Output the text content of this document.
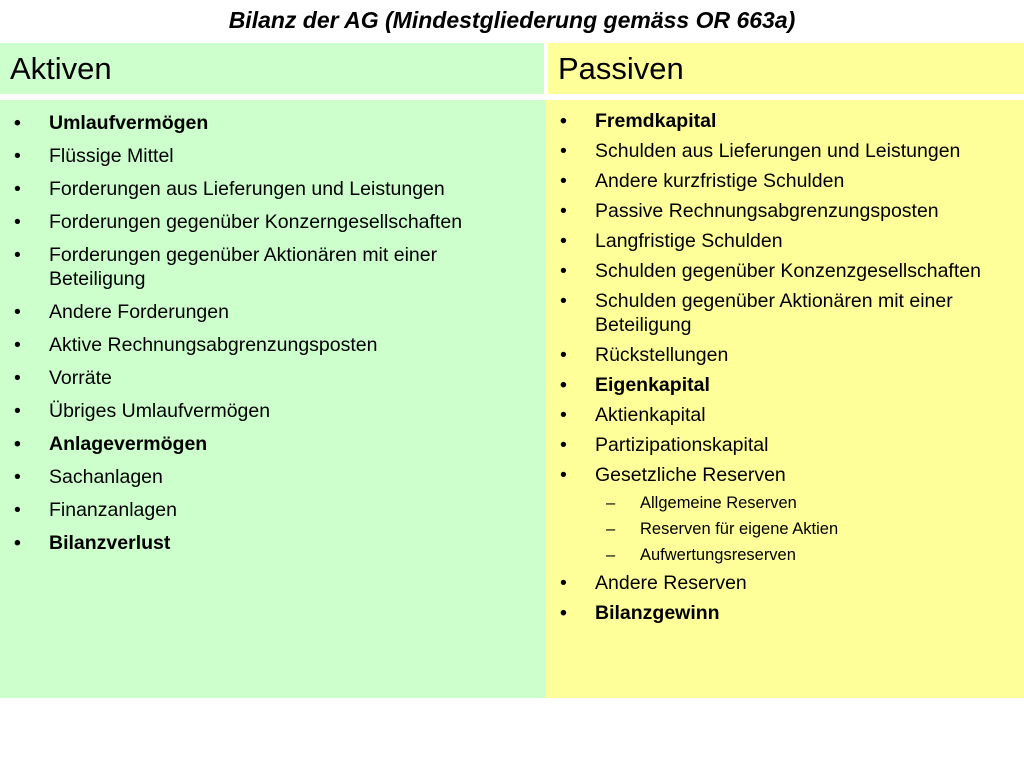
Bilanz der AG (Mindestgliederung gemäss OR 663a)
Aktiven	Passiven
• Umlaufvermögen
• Flüssige Mittel
• Forderungen aus Lieferungen und Leistungen
• Forderungen gegenüber Konzerngesellschaften
• Forderungen gegenüber Aktionären mit einer Beteiligung
• Andere Forderungen
• Aktive Rechnungsabgrenzungsposten
• Vorräte
• Übriges Umlaufvermögen
• Anlagevermögen
• Sachanlagen
• Finanzanlagen
• Bilanzverlust
• Fremdkapital
• Schulden aus Lieferungen und Leistungen
• Andere kurzfristige Schulden
• Passive Rechnungsabgrenzungsposten
• Langfristige Schulden
• Schulden gegenüber Konzenzgesellschaften
• Schulden gegenüber Aktionären mit einer Beteiligung
• Rückstellungen
• Eigenkapital
• Aktienkapital
• Partizipationskapital
• Gesetzliche Reserven
– Allgemeine Reserven
– Reserven für eigene Aktien
– Aufwertungsreserven
• Andere Reserven
• Bilanzgewinn
